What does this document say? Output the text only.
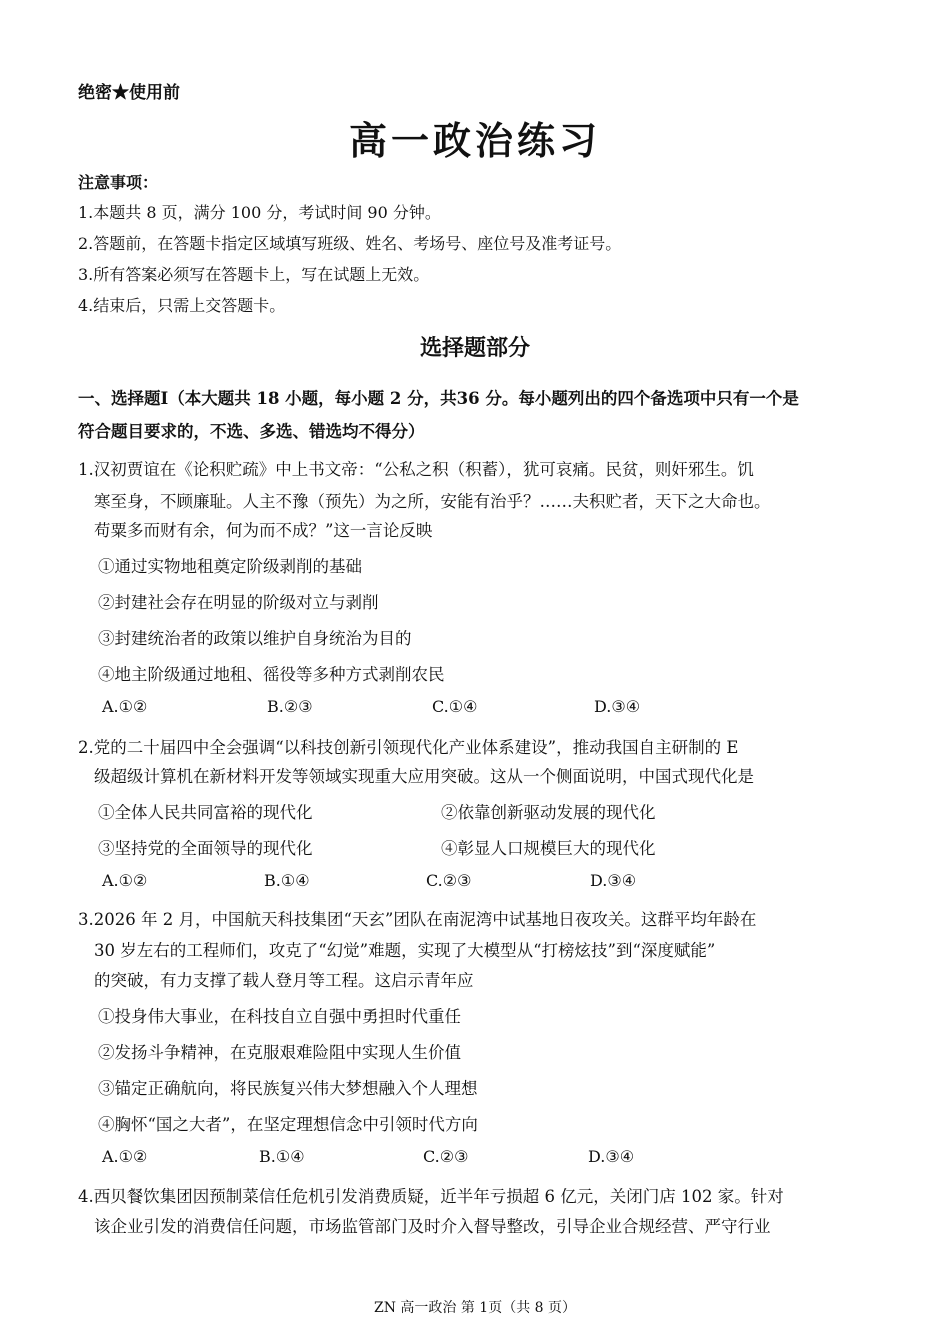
绝密★使用前
高一政治练习
注意事项：
1.本题共 8 页，满分 100 分，考试时间 90 分钟。
2.答题前，在答题卡指定区域填写班级、姓名、考场号、座位号及准考证号。
3.所有答案必须写在答题卡上，写在试题上无效。
4.结束后，只需上交答题卡。
选择题部分
一、选择题Ⅰ（本大题共 18 小题，每小题 2 分，共36 分。每小题列出的四个备选项中只有一个是
符合题目要求的，不选、多选、错选均不得分）
1.汉初贾谊在《论积贮疏》中上书文帝：“公私之积（积蓄），犹可哀痛。民贫，则奸邪生。饥
寒至身，不顾廉耻。人主不豫（预先）为之所，安能有治乎？……夫积贮者，天下之大命也。
苟粟多而财有余，何为而不成？”这一言论反映
①通过实物地租奠定阶级剥削的基础
②封建社会存在明显的阶级对立与剥削
③封建统治者的政策以维护自身统治为目的
④地主阶级通过地租、徭役等多种方式剥削农民
A.①②	B.②③	C.①④	D.③④
2.党的二十届四中全会强调“以科技创新引领现代化产业体系建设”，推动我国自主研制的 E
级超级计算机在新材料开发等领域实现重大应用突破。这从一个侧面说明，中国式现代化是
①全体人民共同富裕的现代化	②依靠创新驱动发展的现代化
③坚持党的全面领导的现代化	④彰显人口规模巨大的现代化
A.①②	B.①④	C.②③	D.③④
3.2026 年 2 月，中国航天科技集团“天玄”团队在南泥湾中试基地日夜攻关。这群平均年龄在
30 岁左右的工程师们，攻克了“幻觉”难题，实现了大模型从“打榜炫技”到“深度赋能”
的突破，有力支撑了载人登月等工程。这启示青年应
①投身伟大事业，在科技自立自强中勇担时代重任
②发扬斗争精神，在克服艰难险阻中实现人生价值
③锚定正确航向，将民族复兴伟大梦想融入个人理想
④胸怀“国之大者”，在坚定理想信念中引领时代方向
A.①②	B.①④	C.②③	D.③④
4.西贝餐饮集团因预制菜信任危机引发消费质疑，近半年亏损超 6 亿元，关闭门店 102 家。针对
该企业引发的消费信任问题，市场监管部门及时介入督导整改，引导企业合规经营、严守行业
ZN 高一政治 第 1页（共 8 页）
